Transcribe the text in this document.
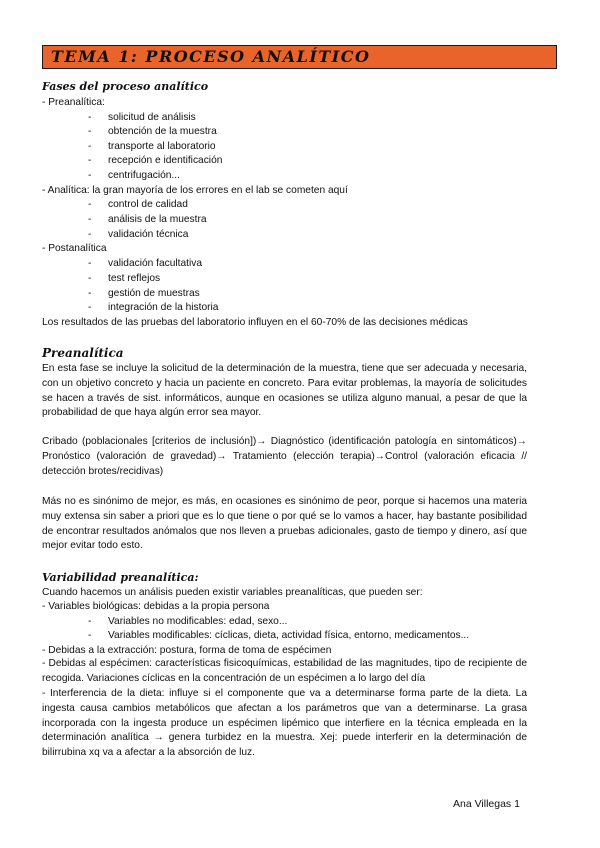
TEMA 1: PROCESO ANALÍTICO
Fases del proceso analítico
- Preanalítica:
- solicitud de análisis
- obtención de la muestra
- transporte al laboratorio
- recepción e identificación
- centrifugación...
- Analítica: la gran mayoría de los errores en el lab se cometen aquí
- control de calidad
- análisis de la muestra
- validación técnica
- Postanalítica
- validación facultativa
- test reflejos
- gestión de muestras
- integración de la historia
Los resultados de las pruebas del laboratorio influyen en el 60-70% de las decisiones médicas
Preanalítica
En esta fase se incluye la solicitud de la determinación de la muestra, tiene que ser adecuada y necesaria, con un objetivo concreto y hacia un paciente en concreto. Para evitar problemas, la mayoría de solicitudes se hacen a través de sist. informáticos, aunque en ocasiones se utiliza alguno manual, a pesar de que la probabilidad de que haya algún error sea mayor.
Cribado (poblacionales [criterios de inclusión])→ Diagnóstico (identificación patología en sintomáticos)→ Pronóstico (valoración de gravedad)→ Tratamiento (elección terapia)→Control (valoración eficacia // detección brotes/recidivas)
Más no es sinónimo de mejor, es más, en ocasiones es sinónimo de peor, porque si hacemos una materia muy extensa sin saber a priori que es lo que tiene o por qué se lo vamos a hacer, hay bastante posibilidad de encontrar resultados anómalos que nos lleven a pruebas adicionales, gasto de tiempo y dinero, así que mejor evitar todo esto.
Variabilidad preanalítica:
Cuando hacemos un análisis pueden existir variables preanalíticas, que pueden ser:
- Variables biológicas: debidas a la propia persona
- Variables no modificables: edad, sexo...
- Variables modificables: cíclicas, dieta, actividad física, entorno, medicamentos...
- Debidas a la extracción: postura, forma de toma de espécimen
- Debidas al espécimen: características fisicoquímicas, estabilidad de las magnitudes, tipo de recipiente de recogida. Variaciones cíclicas en la concentración de un espécimen a lo largo del día
- Interferencia de la dieta: influye si el componente que va a determinarse forma parte de la dieta. La ingesta causa cambios metabólicos que afectan a los parámetros que van a determinarse. La grasa incorporada con la ingesta produce un espécimen lipémico que interfiere en la técnica empleada en la determinación analítica → genera turbidez en la muestra. Xej: puede interferir en la determinación de bilirrubina xq va a afectar a la absorción de luz.
Ana Villegas 1
